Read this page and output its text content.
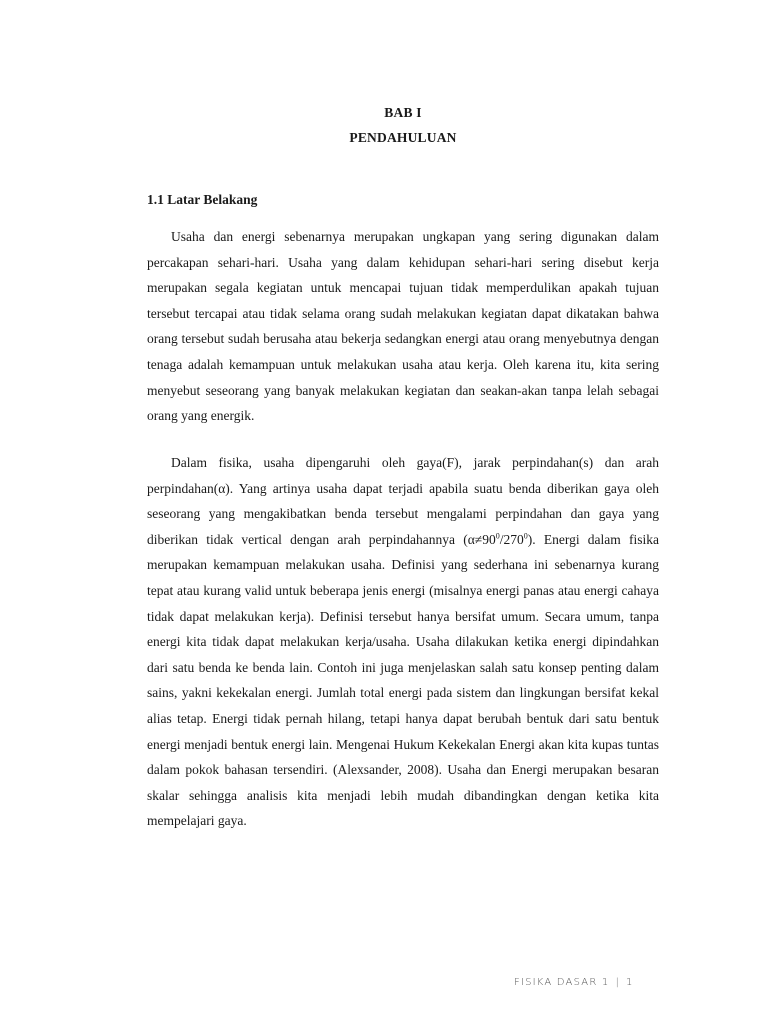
BAB I
PENDAHULUAN
1.1 Latar Belakang

Usaha dan energi sebenarnya merupakan ungkapan yang sering digunakan dalam percakapan sehari-hari. Usaha yang dalam kehidupan sehari-hari sering disebut kerja merupakan segala kegiatan untuk mencapai tujuan tidak memperdulikan apakah tujuan tersebut tercapai atau tidak selama orang sudah melakukan kegiatan dapat dikatakan bahwa orang tersebut sudah berusaha atau bekerja sedangkan energi atau orang menyebutnya dengan tenaga adalah kemampuan untuk melakukan usaha atau kerja. Oleh karena itu, kita sering menyebut seseorang yang banyak melakukan kegiatan dan seakan-akan tanpa lelah sebagai orang yang energik.

Dalam fisika, usaha dipengaruhi oleh gaya(F), jarak perpindahan(s) dan arah perpindahan(α). Yang artinya usaha dapat terjadi apabila suatu benda diberikan gaya oleh seseorang yang mengakibatkan benda tersebut mengalami perpindahan dan gaya yang diberikan tidak vertical dengan arah perpindahannya $(\alpha\ne 90^0/270^0)$. Energi dalam fisika merupakan kemampuan melakukan usaha. Definisi yang sederhana ini sebenarnya kurang tepat atau kurang valid untuk beberapa jenis energi (misalnya energi panas atau energi cahaya tidak dapat melakukan kerja). Definisi tersebut hanya bersifat umum. Secara umum, tanpa energi kita tidak dapat melakukan kerja/usaha. Usaha dilakukan ketika energi dipindahkan dari satu benda ke benda lain. Contoh ini juga menjelaskan salah satu konsep penting dalam sains, yakni kekekalan energi. Jumlah total energi pada sistem dan lingkungan bersifat kekal alias tetap. Energi tidak pernah hilang, tetapi hanya dapat berubah bentuk dari satu bentuk energi menjadi bentuk energi lain. Mengenai Hukum Kekekalan Energi akan kita kupas tuntas dalam pokok bahasan tersendiri. (Alexsander, 2008). Usaha dan Energi merupakan besaran skalar sehingga analisis kita menjadi lebih mudah dibandingkan dengan ketika kita mempelajari gaya.

FISIKA DASAR 1 | 1
